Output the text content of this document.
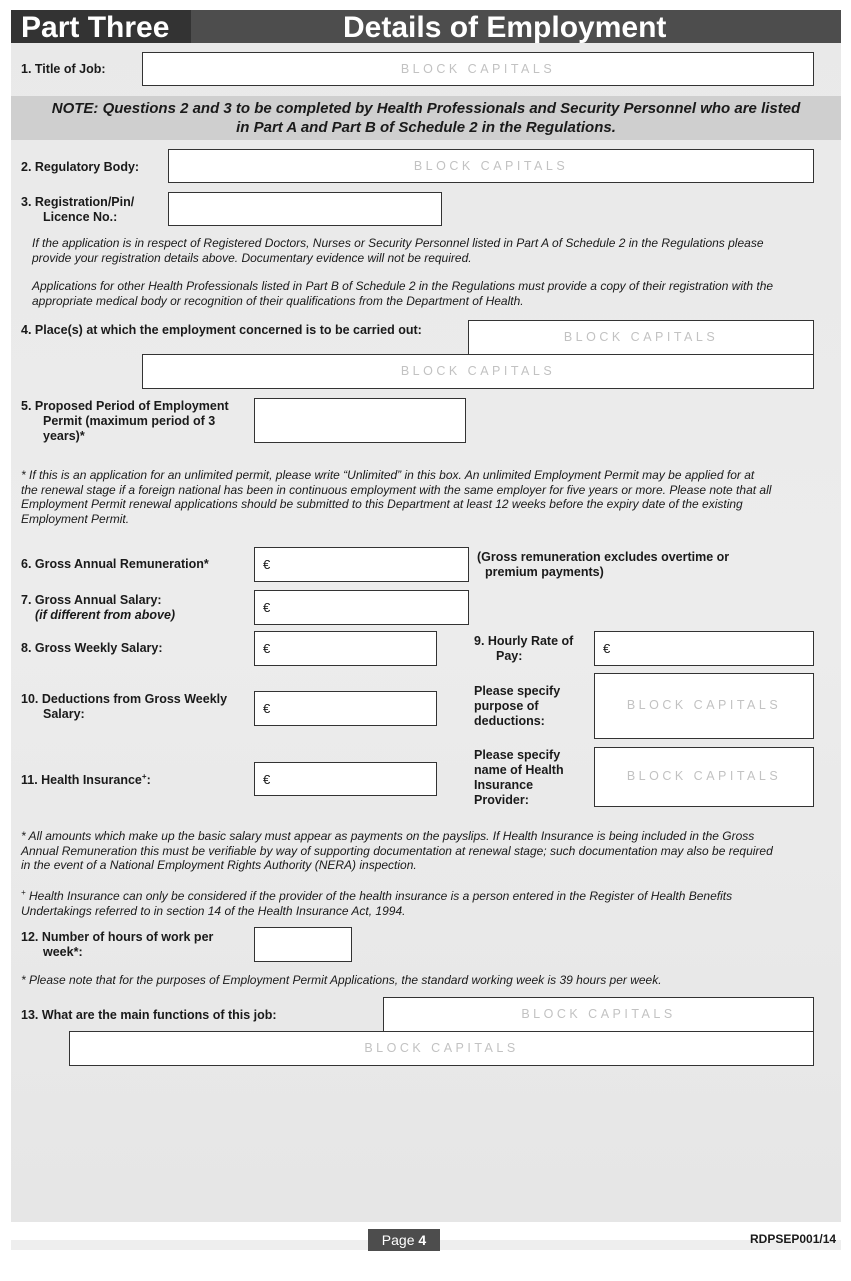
Part Three	Details of Employment
1. Title of Job:	BLOCK CAPITALS
NOTE: Questions 2 and 3 to be completed by Health Professionals and Security Personnel who are listed
in Part A and Part B of Schedule 2 in the Regulations.
2. Regulatory Body:	BLOCK CAPITALS
3. Registration/Pin/
Licence No.:
If the application is in respect of Registered Doctors, Nurses or Security Personnel listed in Part A of Schedule 2 in the Regulations please
provide your registration details above. Documentary evidence will not be required.
Applications for other Health Professionals listed in Part B of Schedule 2 in the Regulations must provide a copy of their registration with the
appropriate medical body or recognition of their qualifications from the Department of Health.
4. Place(s) at which the employment concerned is to be carried out:	BLOCK CAPITALS
BLOCK CAPITALS
5. Proposed Period of Employment
Permit (maximum period of 3
years)*
* If this is an application for an unlimited permit, please write “Unlimited” in this box. An unlimited Employment Permit may be applied for at
the renewal stage if a foreign national has been in continuous employment with the same employer for five years or more. Please note that all
Employment Permit renewal applications should be submitted to this Department at least 12 weeks before the expiry date of the existing
Employment Permit.
6. Gross Annual Remuneration*	€	(Gross remuneration excludes overtime or
premium payments)
7. Gross Annual Salary:
(if different from above)	€
8. Gross Weekly Salary:	€	9. Hourly Rate of
Pay:	€
10. Deductions from Gross Weekly
Salary:	€
Please specify
purpose of
deductions:
BLOCK CAPITALS
11. Health Insurance+:	€
Please specify
name of Health
Insurance
Provider:
BLOCK CAPITALS
* All amounts which make up the basic salary must appear as payments on the payslips. If Health Insurance is being included in the Gross
Annual Remuneration this must be verifiable by way of supporting documentation at renewal stage; such documentation may also be required
in the event of a National Employment Rights Authority (NERA) inspection.
+ Health Insurance can only be considered if the provider of the health insurance is a person entered in the Register of Health Benefits
Undertakings referred to in section 14 of the Health Insurance Act, 1994.
12. Number of hours of work per
week*:
* Please note that for the purposes of Employment Permit Applications, the standard working week is 39 hours per week.
13. What are the main functions of this job:	BLOCK CAPITALS
BLOCK CAPITALS
Page 4	RDPSEP001/14
